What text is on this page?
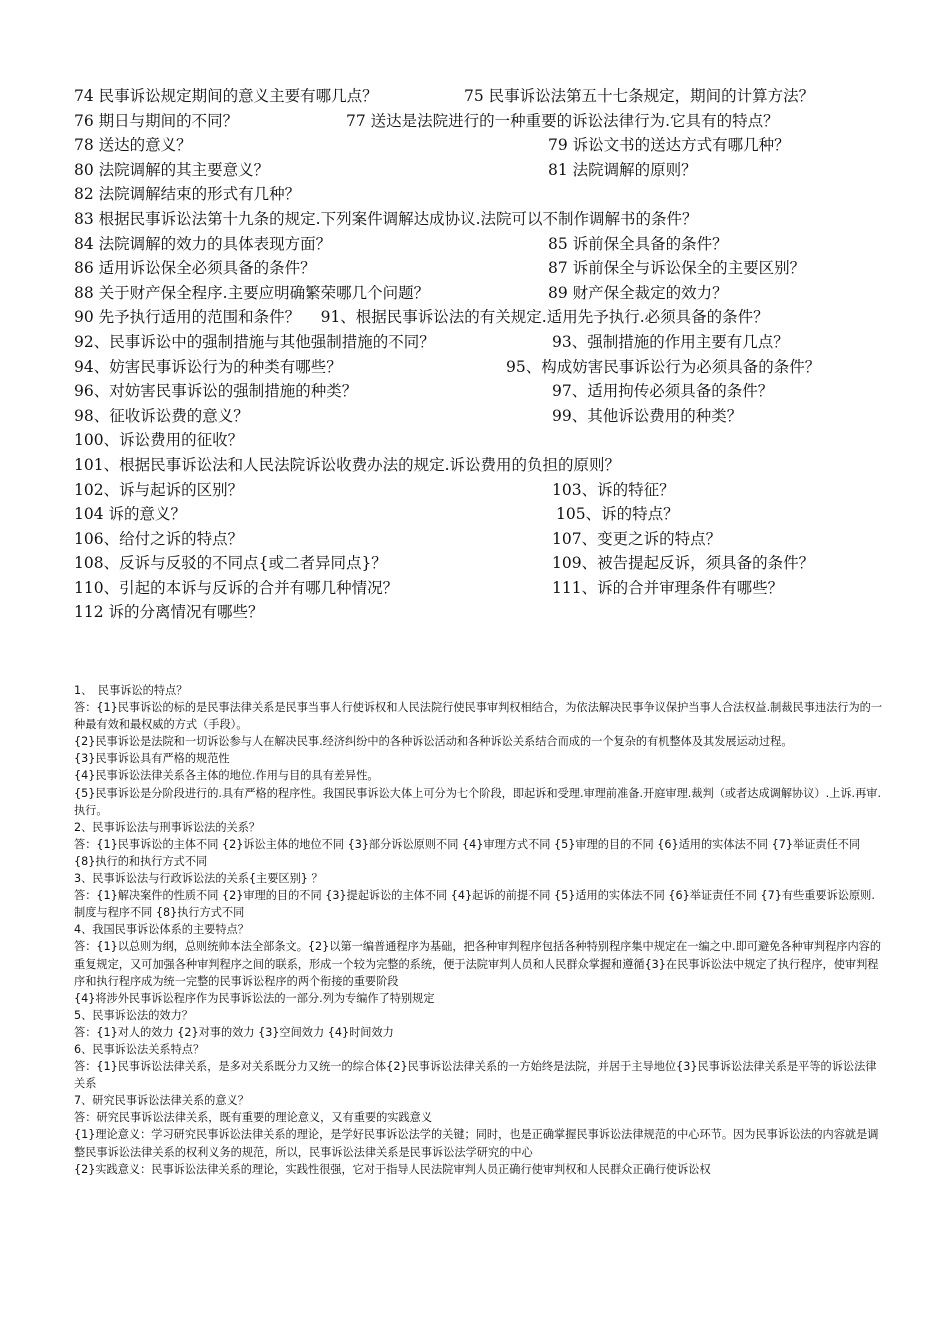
74 民事诉讼规定期间的意义主要有哪几点？	75 民事诉讼法第五十七条规定，期间的计算方法？
76 期日与期间的不同？	77 送达是法院进行的一种重要的诉讼法律行为.它具有的特点？
78 送达的意义？	79 诉讼文书的送达方式有哪几种？
80 法院调解的其主要意义？	81 法院调解的原则？
82 法院调解结束的形式有几种？
83 根据民事诉讼法第十九条的规定.下列案件调解达成协议.法院可以不制作调解书的条件？
84 法院调解的效力的具体表现方面？	85 诉前保全具备的条件？
86 适用诉讼保全必须具备的条件？	87 诉前保全与诉讼保全的主要区别？
88 关于财产保全程序.主要应明确繁荣哪几个问题？	89 财产保全裁定的效力？
90 先予执行适用的范围和条件？　 91、根据民事诉讼法的有关规定.适用先予执行.必须具备的条件？
92、民事诉讼中的强制措施与其他强制措施的不同？	93、强制措施的作用主要有几点？
94、妨害民事诉讼行为的种类有哪些？	95、构成妨害民事诉讼行为必须具备的条件？
96、对妨害民事诉讼的强制措施的种类？	97、适用拘传必须具备的条件？
98、征收诉讼费的意义？	99、其他诉讼费用的种类？
100、诉讼费用的征收？
101、根据民事诉讼法和人民法院诉讼收费办法的规定.诉讼费用的负担的原则？
102、诉与起诉的区别？	103、诉的特征？
104 诉的意义？	105、诉的特点？
106、给付之诉的特点？	107、变更之诉的特点？
108、反诉与反驳的不同点{或二者异同点}？	109、被告提起反诉，须具备的条件？
110、引起的本诉与反诉的合并有哪几种情况？	111、诉的合并审理条件有哪些？
112 诉的分离情况有哪些？

1、　民事诉讼的特点？

答：{1}民事诉讼的标的是民事法律关系是民事当事人行使诉权和人民法院行使民事审判权相结合，为依法解决民事争议保护当事人合法权益.制裁民事违法行为的一种最有效和最权威的方式（手段）。

{2}民事诉讼是法院和一切诉讼参与人在解决民事.经济纠纷中的各种诉讼活动和各种诉讼关系结合而成的一个复杂的有机整体及其发展运动过程。

{3}民事诉讼具有严格的规范性

{4}民事诉讼法律关系各主体的地位.作用与目的具有差异性。

{5}民事诉讼是分阶段进行的.具有严格的程序性。我国民事诉讼大体上可分为七个阶段，即起诉和受理.审理前准备.开庭审理.裁判（或者达成调解协议）.上诉.再审.执行。

2、民事诉讼法与刑事诉讼法的关系？

答：{1}民事诉讼的主体不同 {2}诉讼主体的地位不同 {3}部分诉讼原则不同 {4}审理方式不同 {5}审理的目的不同 {6}适用的实体法不同 {7}举证责任不同 {8}执行的和执行方式不同

3、民事诉讼法与行政诉讼法的关系{主要区别} ？

答：{1}解决案件的性质不同 {2}审理的目的不同 {3}提起诉讼的主体不同 {4}起诉的前提不同 {5}适用的实体法不同 {6}举证责任不同 {7}有些重要诉讼原则.制度与程序不同 {8}执行方式不同

4、我国民事诉讼体系的主要特点？

答：{1}以总则为纲，总则统帅本法全部条文。{2}以第一编普通程序为基础，把各种审判程序包括各种特别程序集中规定在一编之中.即可避免各种审判程序内容的重复规定，又可加强各种审判程序之间的联系，形成一个较为完整的系统，便于法院审判人员和人民群众掌握和遵循{3}在民事诉讼法中规定了执行程序，使审判程序和执行程序成为统一完整的民事诉讼程序的两个衔接的重要阶段

{4}将涉外民事诉讼程序作为民事诉讼法的一部分.列为专编作了特别规定

5、民事诉讼法的效力？

答：{1}对人的效力 {2}对事的效力 {3}空间效力 {4}时间效力

6、民事诉讼法关系特点？

答：{1}民事诉讼法律关系，是多对关系既分力又统一的综合体{2}民事诉讼法律关系的一方始终是法院，并居于主导地位{3}民事诉讼法律关系是平等的诉讼法律关系

7、研究民事诉讼法律关系的意义？

答：研究民事诉讼法律关系，既有重要的理论意义，又有重要的实践意义

{1}理论意义：学习研究民事诉讼法律关系的理论，是学好民事诉讼法学的关键；同时，也是正确掌握民事诉讼法律规范的中心环节。因为民事诉讼法的内容就是调整民事诉讼法律关系的权利义务的规范，所以，民事诉讼法律关系是民事诉讼法学研究的中心

{2}实践意义：民事诉讼法律关系的理论，实践性很强，它对于指导人民法院审判人员正确行使审判权和人民群众正确行使诉讼权
